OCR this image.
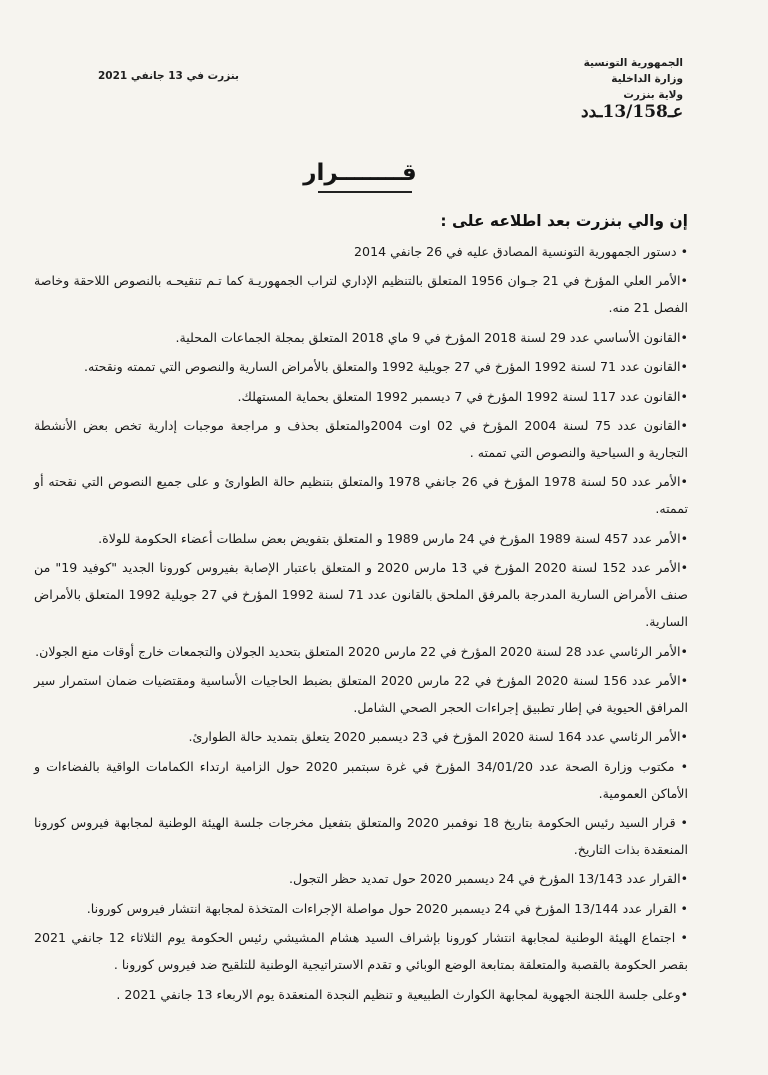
الجمهورية التونسية
وزارة الداخلية
ولاية بنزرت
بنزرت في 13 جانفي 2021
عـ13/158ـدد
قــــــــرار
إن والي بنزرت بعد اطلاعه على :
• دستور الجمهورية التونسية المصادق عليه في 26 جانفي 2014
•الأمر العلي المؤرخ في 21 جـوان 1956 المتعلق بالتنظيم الإداري لتراب الجمهوريـة كما تـم تنقيحـه بالنصوص اللاحقة وخاصة الفصل 21 منه.
•القانون الأساسي عدد 29 لسنة 2018 المؤرخ في 9 ماي 2018 المتعلق بمجلة الجماعات المحلية.
•القانون عدد 71 لسنة 1992 المؤرخ في 27 جويلية 1992 والمتعلق بالأمراض السارية والنصوص التي تممته ونقحته.
•القانون عدد 117 لسنة 1992 المؤرخ في 7 ديسمبر 1992 المتعلق بحماية المستهلك.
•القانون عدد 75 لسنة 2004 المؤرخ في 02 اوت 2004والمتعلق بحذف و مراجعة موجبات إدارية تخص بعض الأنشطة التجارية و السياحية والنصوص التي تممته .
•الأمر عدد 50 لسنة 1978 المؤرخ في 26 جانفي 1978 والمتعلق بتنظيم حالة الطوارئ و على جميع النصوص التي نقحته أو تممته.
•الأمر عدد 457 لسنة 1989 المؤرخ في 24 مارس 1989 و المتعلق بتفويض بعض سلطات أعضاء الحكومة للولاة.
•الأمر عدد 152 لسنة 2020 المؤرخ في 13 مارس 2020 و المتعلق باعتبار الإصابة بفيروس كورونا الجديد "كوفيد 19" من صنف الأمراض السارية المدرجة بالمرفق الملحق بالقانون عدد 71 لسنة 1992 المؤرخ في 27 جويلية 1992 المتعلق بالأمراض السارية.
•الأمر الرئاسي عدد 28 لسنة 2020 المؤرخ في 22 مارس 2020 المتعلق بتحديد الجولان والتجمعات خارج أوقات منع الجولان.
•الأمر عدد 156 لسنة 2020 المؤرخ في 22 مارس 2020 المتعلق بضبط الحاجيات الأساسية ومقتضيات ضمان استمرار سير المرافق الحيوية في إطار تطبيق إجراءات الحجر الصحي الشامل.
•الأمر الرئاسي عدد 164 لسنة 2020 المؤرخ في 23 ديسمبر 2020 يتعلق بتمديد حالة الطوارئ.
• مكتوب وزارة الصحة عدد 34/01/20 المؤرخ في غرة سبتمبر 2020 حول الزامية ارتداء الكمامات الواقية بالفضاءات و الأماكن العمومية.
• قرار السيد رئيس الحكومة بتاريخ 18 نوفمبر 2020 والمتعلق بتفعيل مخرجات جلسة الهيئة الوطنية لمجابهة فيروس كورونا المنعقدة بذات التاريخ.
•القرار عدد 13/143 المؤرخ في 24 ديسمبر 2020 حول تمديد حظر التجول.
• القرار عدد 13/144 المؤرخ في 24 ديسمبر 2020 حول مواصلة الإجراءات المتخذة لمجابهة انتشار فيروس كورونا.
• اجتماع الهيئة الوطنية لمجابهة انتشار كورونا بإشراف السيد هشام المشيشي رئيس الحكومة يوم الثلاثاء 12 جانفي 2021 بقصر الحكومة بالقصبة والمتعلقة بمتابعة الوضع الوبائي و تقدم الاستراتيجية الوطنية للتلقيح ضد فيروس كورونا .
•وعلى جلسة اللجنة الجهوية لمجابهة الكوارث الطبيعية و تنظيم النجدة المنعقدة يوم الاربعاء 13 جانفي 2021 .
